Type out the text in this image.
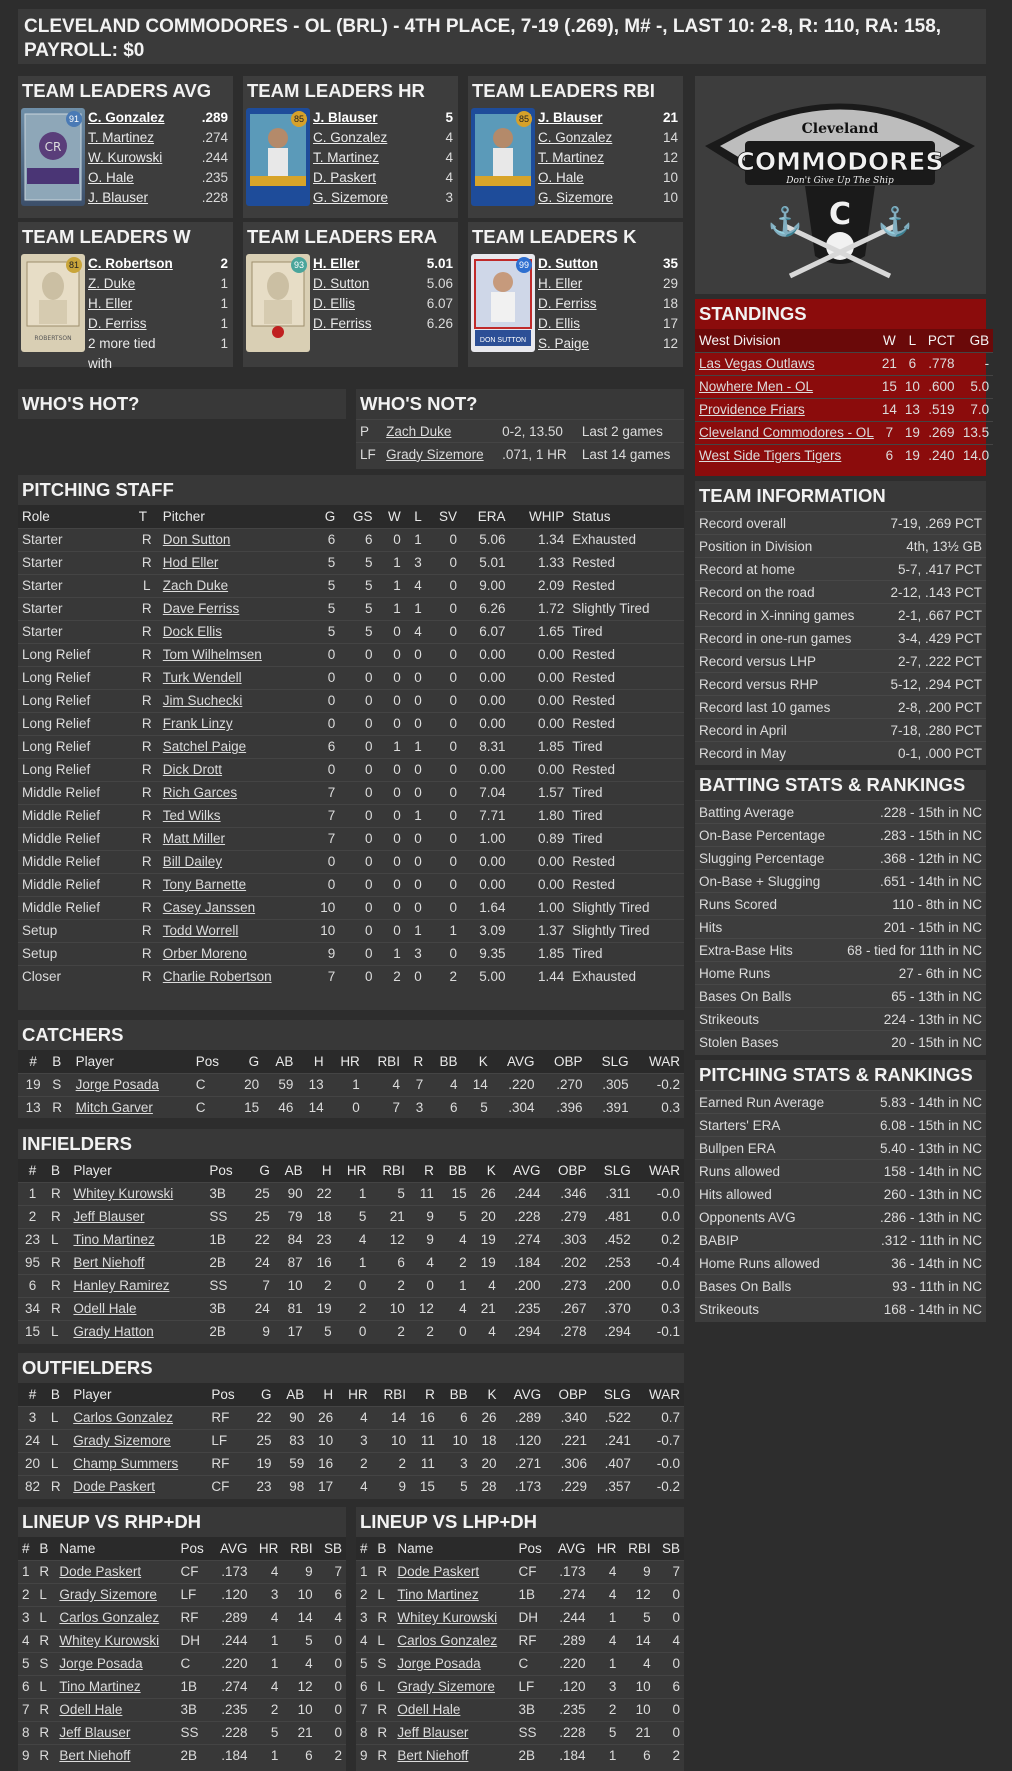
CLEVELAND COMMODORES - OL (BRL) - 4TH PLACE, 7-19 (.269), M# -, LAST 10: 2-8, R: 110, RA: 158, PAYROLL: $0
TEAM LEADERS AVG
CR
91 C. Gonzalez	.289
T. Martinez	.274
W. Kurowski	.244
O. Hale	.235
J. Blauser	.228
TEAM LEADERS HR
85 J. Blauser	5
C. Gonzalez	4
T. Martinez	4
D. Paskert	4
G. Sizemore	3
TEAM LEADERS RBI
85 J. Blauser	21
C. Gonzalez	14
T. Martinez	12
O. Hale	10
G. Sizemore	10
TEAM LEADERS W
ROBERTSON
81 C. Robertson	2
Z. Duke	1
H. Eller	1
D. Ferriss	1
2 more tied with
1
TEAM LEADERS ERA
93 H. Eller	5.01
D. Sutton	5.06
D. Ellis	6.07
D. Ferriss	6.26
TEAM LEADERS K
DON SUTTON
99 D. Sutton	35
H. Eller	29
D. Ferriss	18
D. Ellis	17
S. Paige	12
Cleveland
COMMODORES
Don't Give Up The Ship
C
⚓	⚓
STANDINGS
West Division	W	L	PCT	GB
Las Vegas Outlaws	21	6	.778	-
Nowhere Men - OL	15	10	.600	5.0
Providence Friars	14	13	.519	7.0
Cleveland Commodores - OL	7	19	.269	13.5
West Side Tigers Tigers	6	19	.240	14.0
WHO'S HOT?	WHO'S NOT?
P	Zach Duke	0-2, 13.50	Last 2 games
LF	Grady Sizemore	.071, 1 HR	Last 14 games
PITCHING STAFF
Role	T	Pitcher	G	GS	W	L	SV	ERA	WHIP	Status
Starter	R	Don Sutton	6	6	0	1	0	5.06	1.34	Exhausted
Starter	R	Hod Eller	5	5	1	3	0	5.01	1.33	Rested
Starter	L	Zach Duke	5	5	1	4	0	9.00	2.09	Rested
Starter	R	Dave Ferriss	5	5	1	1	0	6.26	1.72	Slightly Tired
Starter	R	Dock Ellis	5	5	0	4	0	6.07	1.65	Tired
Long Relief	R	Tom Wilhelmsen	0	0	0	0	0	0.00	0.00	Rested
Long Relief	R	Turk Wendell	0	0	0	0	0	0.00	0.00	Rested
Long Relief	R	Jim Suchecki	0	0	0	0	0	0.00	0.00	Rested
Long Relief	R	Frank Linzy	0	0	0	0	0	0.00	0.00	Rested
Long Relief	R	Satchel Paige	6	0	1	1	0	8.31	1.85	Tired
Long Relief	R	Dick Drott	0	0	0	0	0	0.00	0.00	Rested
Middle Relief	R	Rich Garces	7	0	0	0	0	7.04	1.57	Tired
Middle Relief	R	Ted Wilks	7	0	0	1	0	7.71	1.80	Tired
Middle Relief	R	Matt Miller	7	0	0	0	0	1.00	0.89	Tired
Middle Relief	R	Bill Dailey	0	0	0	0	0	0.00	0.00	Rested
Middle Relief	R	Tony Barnette	0	0	0	0	0	0.00	0.00	Rested
Middle Relief	R	Casey Janssen	10	0	0	0	0	1.64	1.00	Slightly Tired
Setup	R	Todd Worrell	10	0	0	1	1	3.09	1.37	Slightly Tired
Setup	R	Orber Moreno	9	0	1	3	0	9.35	1.85	Tired
Closer	R	Charlie Robertson	7	0	2	0	2	5.00	1.44	Exhausted
CATCHERS
#	B	Player	Pos	G	AB	H	HR	RBI	R	BB	K	AVG	OBP	SLG	WAR
19	S	Jorge Posada	C	20	59	13	1	4	7	4	14	.220	.270	.305	-0.2
13	R	Mitch Garver	C	15	46	14	0	7	3	6	5	.304	.396	.391	0.3
INFIELDERS
#	B	Player	Pos	G	AB	H	HR	RBI	R	BB	K	AVG	OBP	SLG	WAR
1	R	Whitey Kurowski	3B	25	90	22	1	5	11	15	26	.244	.346	.311	-0.0
2	R	Jeff Blauser	SS	25	79	18	5	21	9	5	20	.228	.279	.481	0.0
23	L	Tino Martinez	1B	22	84	23	4	12	9	4	19	.274	.303	.452	0.2
95	R	Bert Niehoff	2B	24	87	16	1	6	4	2	19	.184	.202	.253	-0.4
6	R	Hanley Ramirez	SS	7	10	2	0	2	0	1	4	.200	.273	.200	0.0
34	R	Odell Hale	3B	24	81	19	2	10	12	4	21	.235	.267	.370	0.3
15	L	Grady Hatton	2B	9	17	5	0	2	2	0	4	.294	.278	.294	-0.1
OUTFIELDERS
#	B	Player	Pos	G	AB	H	HR	RBI	R	BB	K	AVG	OBP	SLG	WAR
3	L	Carlos Gonzalez	RF	22	90	26	4	14	16	6	26	.289	.340	.522	0.7
24	L	Grady Sizemore	LF	25	83	10	3	10	11	10	18	.120	.221	.241	-0.7
20	L	Champ Summers	RF	19	59	16	2	2	11	3	20	.271	.306	.407	-0.0
82	R	Dode Paskert	CF	23	98	17	4	9	15	5	28	.173	.229	.357	-0.2
LINEUP VS RHP+DH
#	B	Name	Pos	AVG	HR	RBI	SB
1	R	Dode Paskert	CF	.173	4	9	7
2	L	Grady Sizemore	LF	.120	3	10	6
3	L	Carlos Gonzalez	RF	.289	4	14	4
4	R	Whitey Kurowski	DH	.244	1	5	0
5	S	Jorge Posada	C	.220	1	4	0
6	L	Tino Martinez	1B	.274	4	12	0
7	R	Odell Hale	3B	.235	2	10	0
8	R	Jeff Blauser	SS	.228	5	21	0
9	R	Bert Niehoff	2B	.184	1	6	2
LINEUP VS LHP+DH
#	B	Name	Pos	AVG	HR	RBI	SB
1	R	Dode Paskert	CF	.173	4	9	7
2	L	Tino Martinez	1B	.274	4	12	0
3	R	Whitey Kurowski	DH	.244	1	5	0
4	L	Carlos Gonzalez	RF	.289	4	14	4
5	S	Jorge Posada	C	.220	1	4	0
6	L	Grady Sizemore	LF	.120	3	10	6
7	R	Odell Hale	3B	.235	2	10	0
8	R	Jeff Blauser	SS	.228	5	21	0
9	R	Bert Niehoff	2B	.184	1	6	2
TEAM INFORMATION
Record overall	7-19, .269 PCT
Position in Division	4th, 13½ GB
Record at home	5-7, .417 PCT
Record on the road	2-12, .143 PCT
Record in X-inning games	2-1, .667 PCT
Record in one-run games	3-4, .429 PCT
Record versus LHP	2-7, .222 PCT
Record versus RHP	5-12, .294 PCT
Record last 10 games	2-8, .200 PCT
Record in April	7-18, .280 PCT
Record in May	0-1, .000 PCT
BATTING STATS & RANKINGS
Batting Average	.228 - 15th in NC
On-Base Percentage	.283 - 15th in NC
Slugging Percentage	.368 - 12th in NC
On-Base + Slugging	.651 - 14th in NC
Runs Scored	110 - 8th in NC
Hits	201 - 15th in NC
Extra-Base Hits	68 - tied for 11th in NC
Home Runs	27 - 6th in NC
Bases On Balls	65 - 13th in NC
Strikeouts	224 - 13th in NC
Stolen Bases	20 - 15th in NC
PITCHING STATS & RANKINGS
Earned Run Average	5.83 - 14th in NC
Starters' ERA	6.08 - 15th in NC
Bullpen ERA	5.40 - 13th in NC
Runs allowed	158 - 14th in NC
Hits allowed	260 - 13th in NC
Opponents AVG	.286 - 13th in NC
BABIP	.312 - 11th in NC
Home Runs allowed	36 - 14th in NC
Bases On Balls	93 - 11th in NC
Strikeouts	168 - 14th in NC
